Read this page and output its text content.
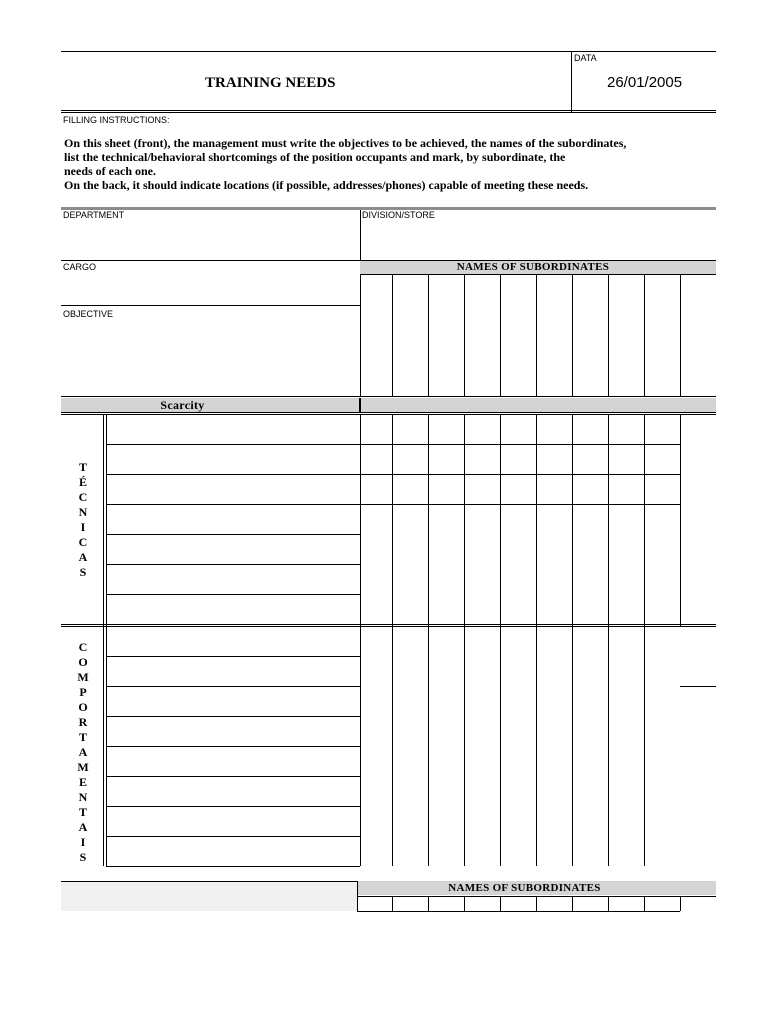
DATA
26/01/2005
TRAINING NEEDS
FILLING INSTRUCTIONS:
On this sheet (front), the management must write the objectives to be achieved, the names of the subordinates,
list the technical/behavioral shortcomings of the position occupants and mark, by subordinate, the
needs of each one.
On the back, it should indicate locations (if possible, addresses/phones) capable of meeting these needs.
DEPARTMENT	DIVISION/STORE
CARGO
OBJECTIVE
NAMES OF SUBORDINATES
Scarcity
T
É
C
N
I
C
A
S
C
O
M
P
O
R
T
A
M
E
N
T
A
I
S
NAMES OF SUBORDINATES
